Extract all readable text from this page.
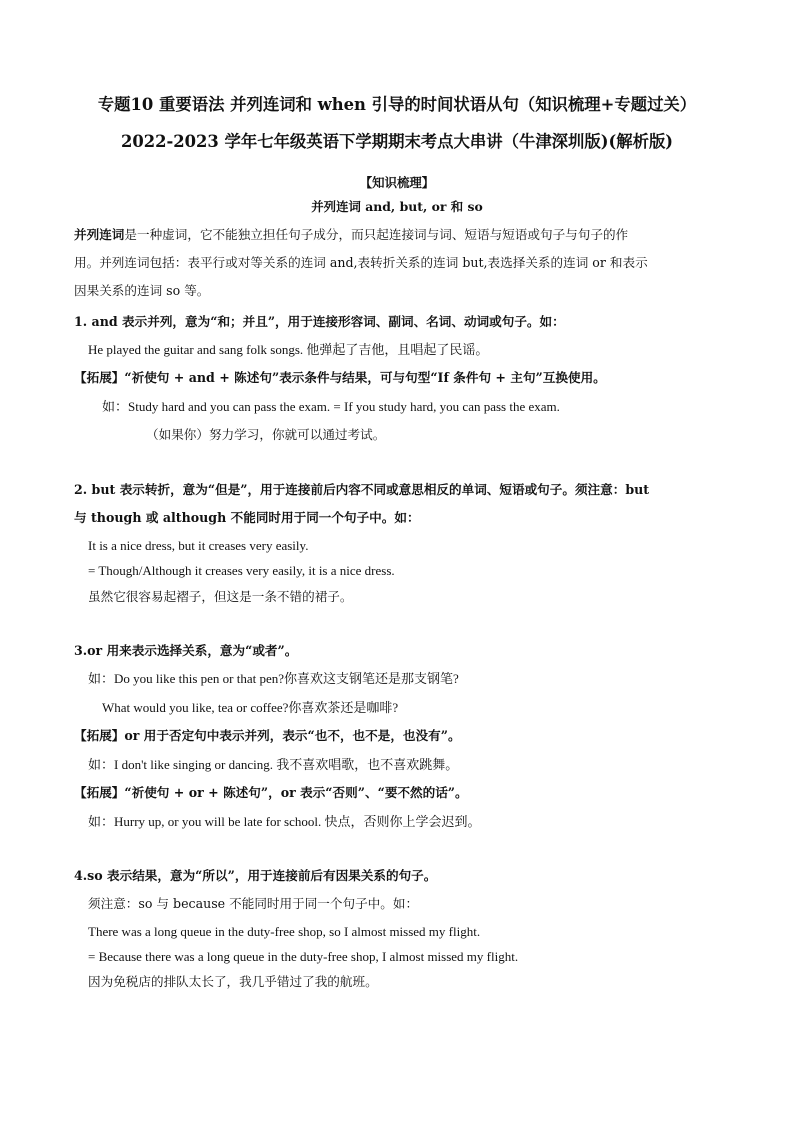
专题10 重要语法 并列连词和 when 引导的时间状语从句（知识梳理+专题过关）
2022-2023 学年七年级英语下学期期末考点大串讲（牛津深圳版)(解析版)
【知识梳理】
并列连词 and, but, or 和 so
并列连词是一种虚词，它不能独立担任句子成分，而只起连接词与词、短语与短语或句子与句子的作
用。并列连词包括：表平行或对等关系的连词 and,表转折关系的连词 but,表选择关系的连词 or 和表示
因果关系的连词 so 等。
1. and 表示并列，意为“和；并且”，用于连接形容词、副词、名词、动词或句子。如：
He played the guitar and sang folk songs. 他弹起了吉他，且唱起了民谣。
【拓展】“祈使句 + and + 陈述句”表示条件与结果，可与句型“If 条件句 + 主句”互换使用。
如：Study hard and you can pass the exam. = If you study hard, you can pass the exam.
（如果你）努力学习，你就可以通过考试。
2. but 表示转折，意为“但是”，用于连接前后内容不同或意思相反的单词、短语或句子。须注意：but
与 though 或 although 不能同时用于同一个句子中。如：
It is a nice dress, but it creases very easily.
= Though/Although it creases very easily, it is a nice dress.
虽然它很容易起褶子，但这是一条不错的裙子。
3.or 用来表示选择关系，意为“或者”。
如：Do you like this pen or that pen?你喜欢这支钢笔还是那支钢笔?
What would you like, tea or coffee?你喜欢茶还是咖啡?
【拓展】or 用于否定句中表示并列，表示“也不，也不是，也没有”。
如：I don't like singing or dancing. 我不喜欢唱歌，也不喜欢跳舞。
【拓展】“祈使句 + or + 陈述句”，or 表示“否则”、“要不然的话”。
如：Hurry up, or you will be late for school. 快点，否则你上学会迟到。
4.so 表示结果，意为“所以”，用于连接前后有因果关系的句子。
须注意：so 与 because 不能同时用于同一个句子中。如：
There was a long queue in the duty-free shop, so I almost missed my flight.
= Because there was a long queue in the duty-free shop, I almost missed my flight.
因为免税店的排队太长了，我几乎错过了我的航班。
